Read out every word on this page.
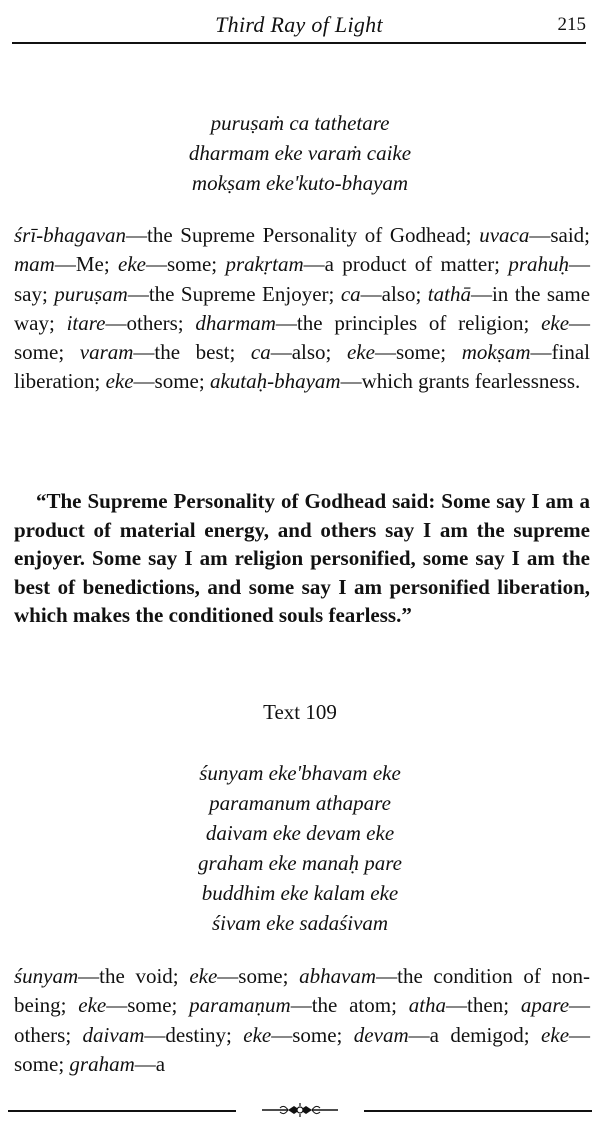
Third Ray of Light	215
puruṣaṁ ca tathetare
dharmam eke varaṁ caike
mokṣam eke'kuto-bhayam
śrī-bhagavan—the Supreme Personality of Godhead; uvaca—said; mam—Me; eke—some; prakṛtam—a product of matter; prahuḥ—say; puruṣam—the Supreme Enjoyer; ca—also; tathā—in the same way; itare—others; dharmam—the principles of religion; eke—some; varam—the best; ca—also; eke—some; mokṣam—final liberation; eke—some; akutaḥ-bhayam—which grants fearlessness.
“The Supreme Personality of Godhead said: Some say I am a product of material energy, and others say I am the supreme enjoyer. Some say I am religion personified, some say I am the best of benedictions, and some say I am personified liberation, which makes the conditioned souls fearless.”
Text 109
śunyam eke'bhavam eke
paramanum athapare
daivam eke devam eke
graham eke manaḥ pare
buddhim eke kalam eke
śivam eke sadaśivam
śunyam—the void; eke—some; abhavam—the condition of non-being; eke—some; paramaṇum—the atom; atha—then; apare—others; daivam—destiny; eke—some; devam—a demigod; eke—some; graham—a
